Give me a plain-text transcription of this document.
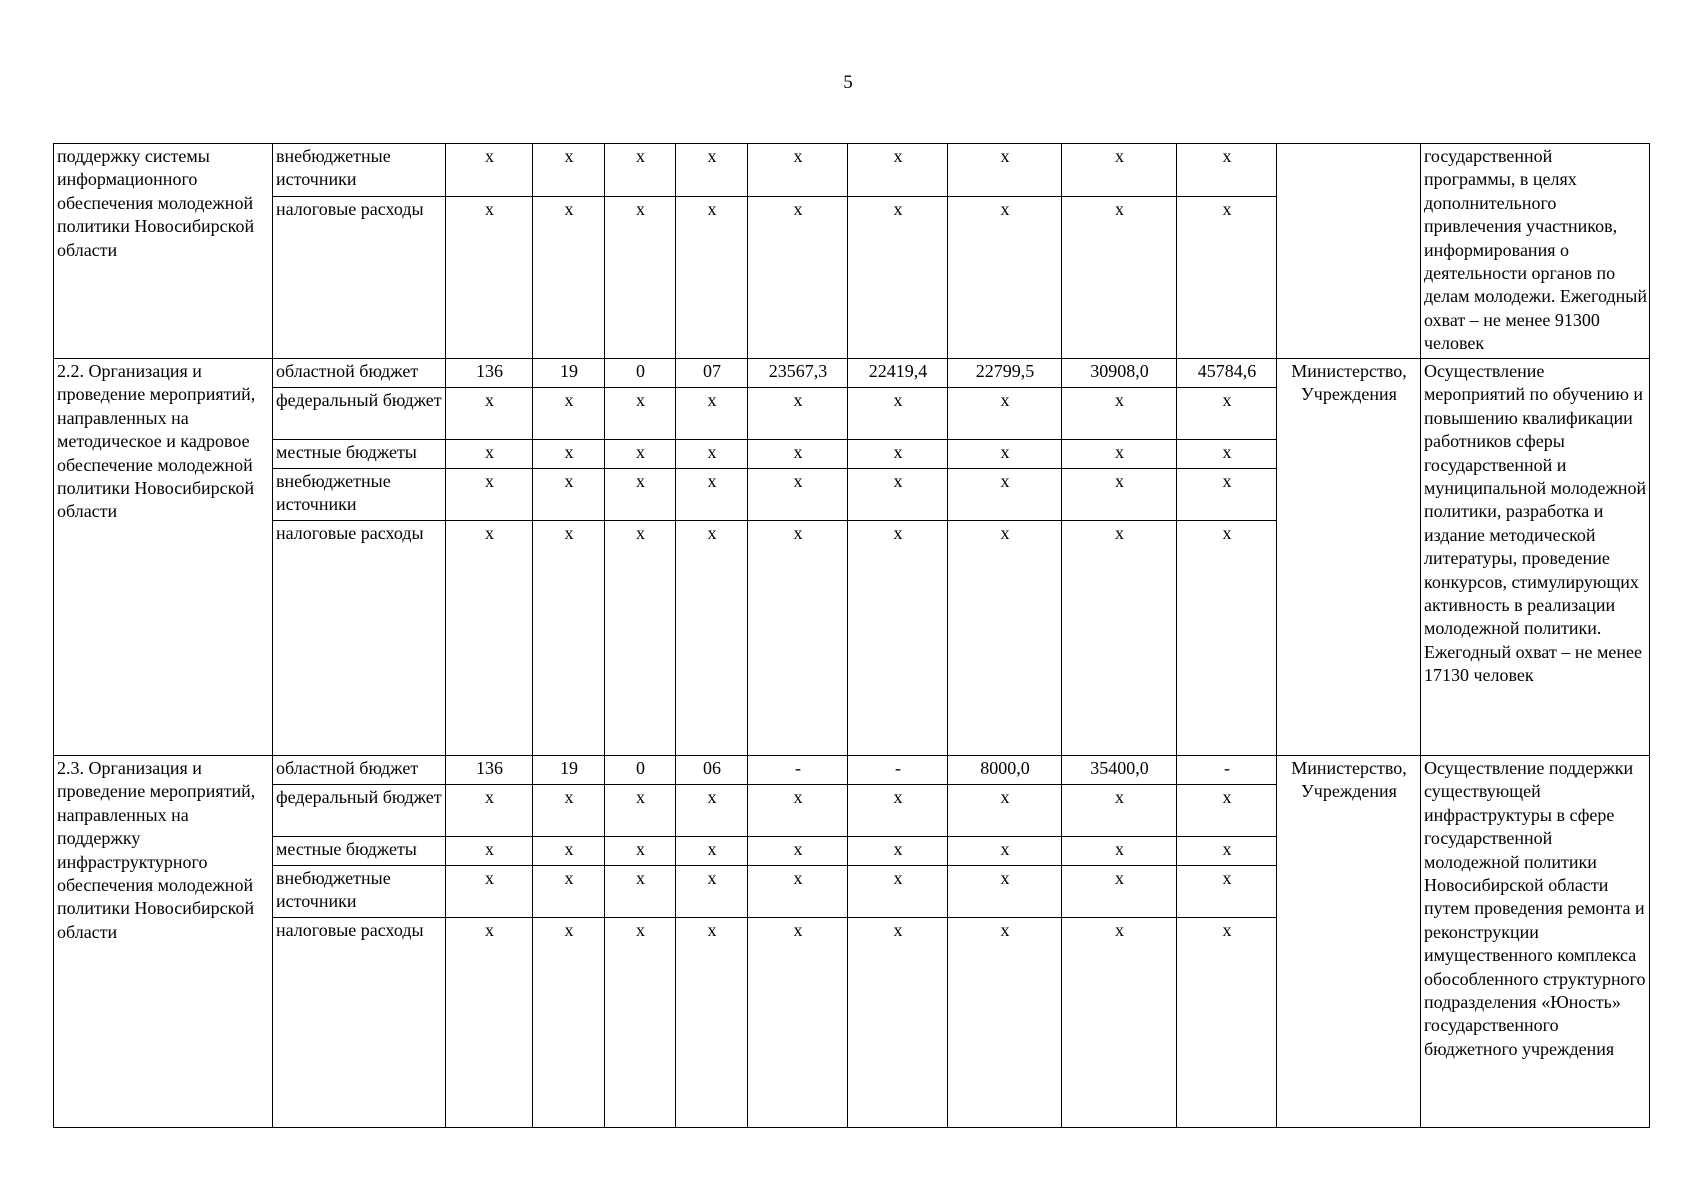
5
поддержку системы информационного обеспечения молодежной политики Новосибирской области	внебюджетные источники	x	x	x	x	x	x	x	x	x		государственной программы, в целях дополнительного привлечения участников, информирования о деятельности органов по делам молодежи. Ежегодный охват – не менее 91300 человек
	налоговые расходы	x	x	x	x	x	x	x	x	x		
2.2. Организация и проведение мероприятий, направленных на методическое и кадровое обеспечение молодежной политики Новосибирской области	областной бюджет	136	19	0	07	23567,3	22419,4	22799,5	30908,0	45784,6	Министерство, Учреждения	Осуществление мероприятий по обучению и повышению квалификации работников сферы государственной и муниципальной молодежной политики, разработка и издание методической литературы, проведение конкурсов, стимулирующих активность в реализации молодежной политики. Ежегодный охват – не менее 17130 человек
	федеральный бюджет	x	x	x	x	x	x	x	x	x		
	местные бюджеты	x	x	x	x	x	x	x	x	x		
	внебюджетные источники	x	x	x	x	x	x	x	x	x		
	налоговые расходы	x	x	x	x	x	x	x	x	x		
2.3. Организация и проведение мероприятий, направленных на поддержку инфраструктурного обеспечения молодежной политики Новосибирской области	областной бюджет	136	19	0	06	-	-	8000,0	35400,0	-	Министерство, Учреждения	Осуществление поддержки существующей инфраструктуры в сфере государственной молодежной политики Новосибирской области путем проведения ремонта и реконструкции имущественного комплекса обособленного структурного подразделения «Юность» государственного бюджетного учреждения
	федеральный бюджет	x	x	x	x	x	x	x	x	x		
	местные бюджеты	x	x	x	x	x	x	x	x	x		
	внебюджетные источники	x	x	x	x	x	x	x	x	x		
	налоговые расходы	x	x	x	x	x	x	x	x	x		
